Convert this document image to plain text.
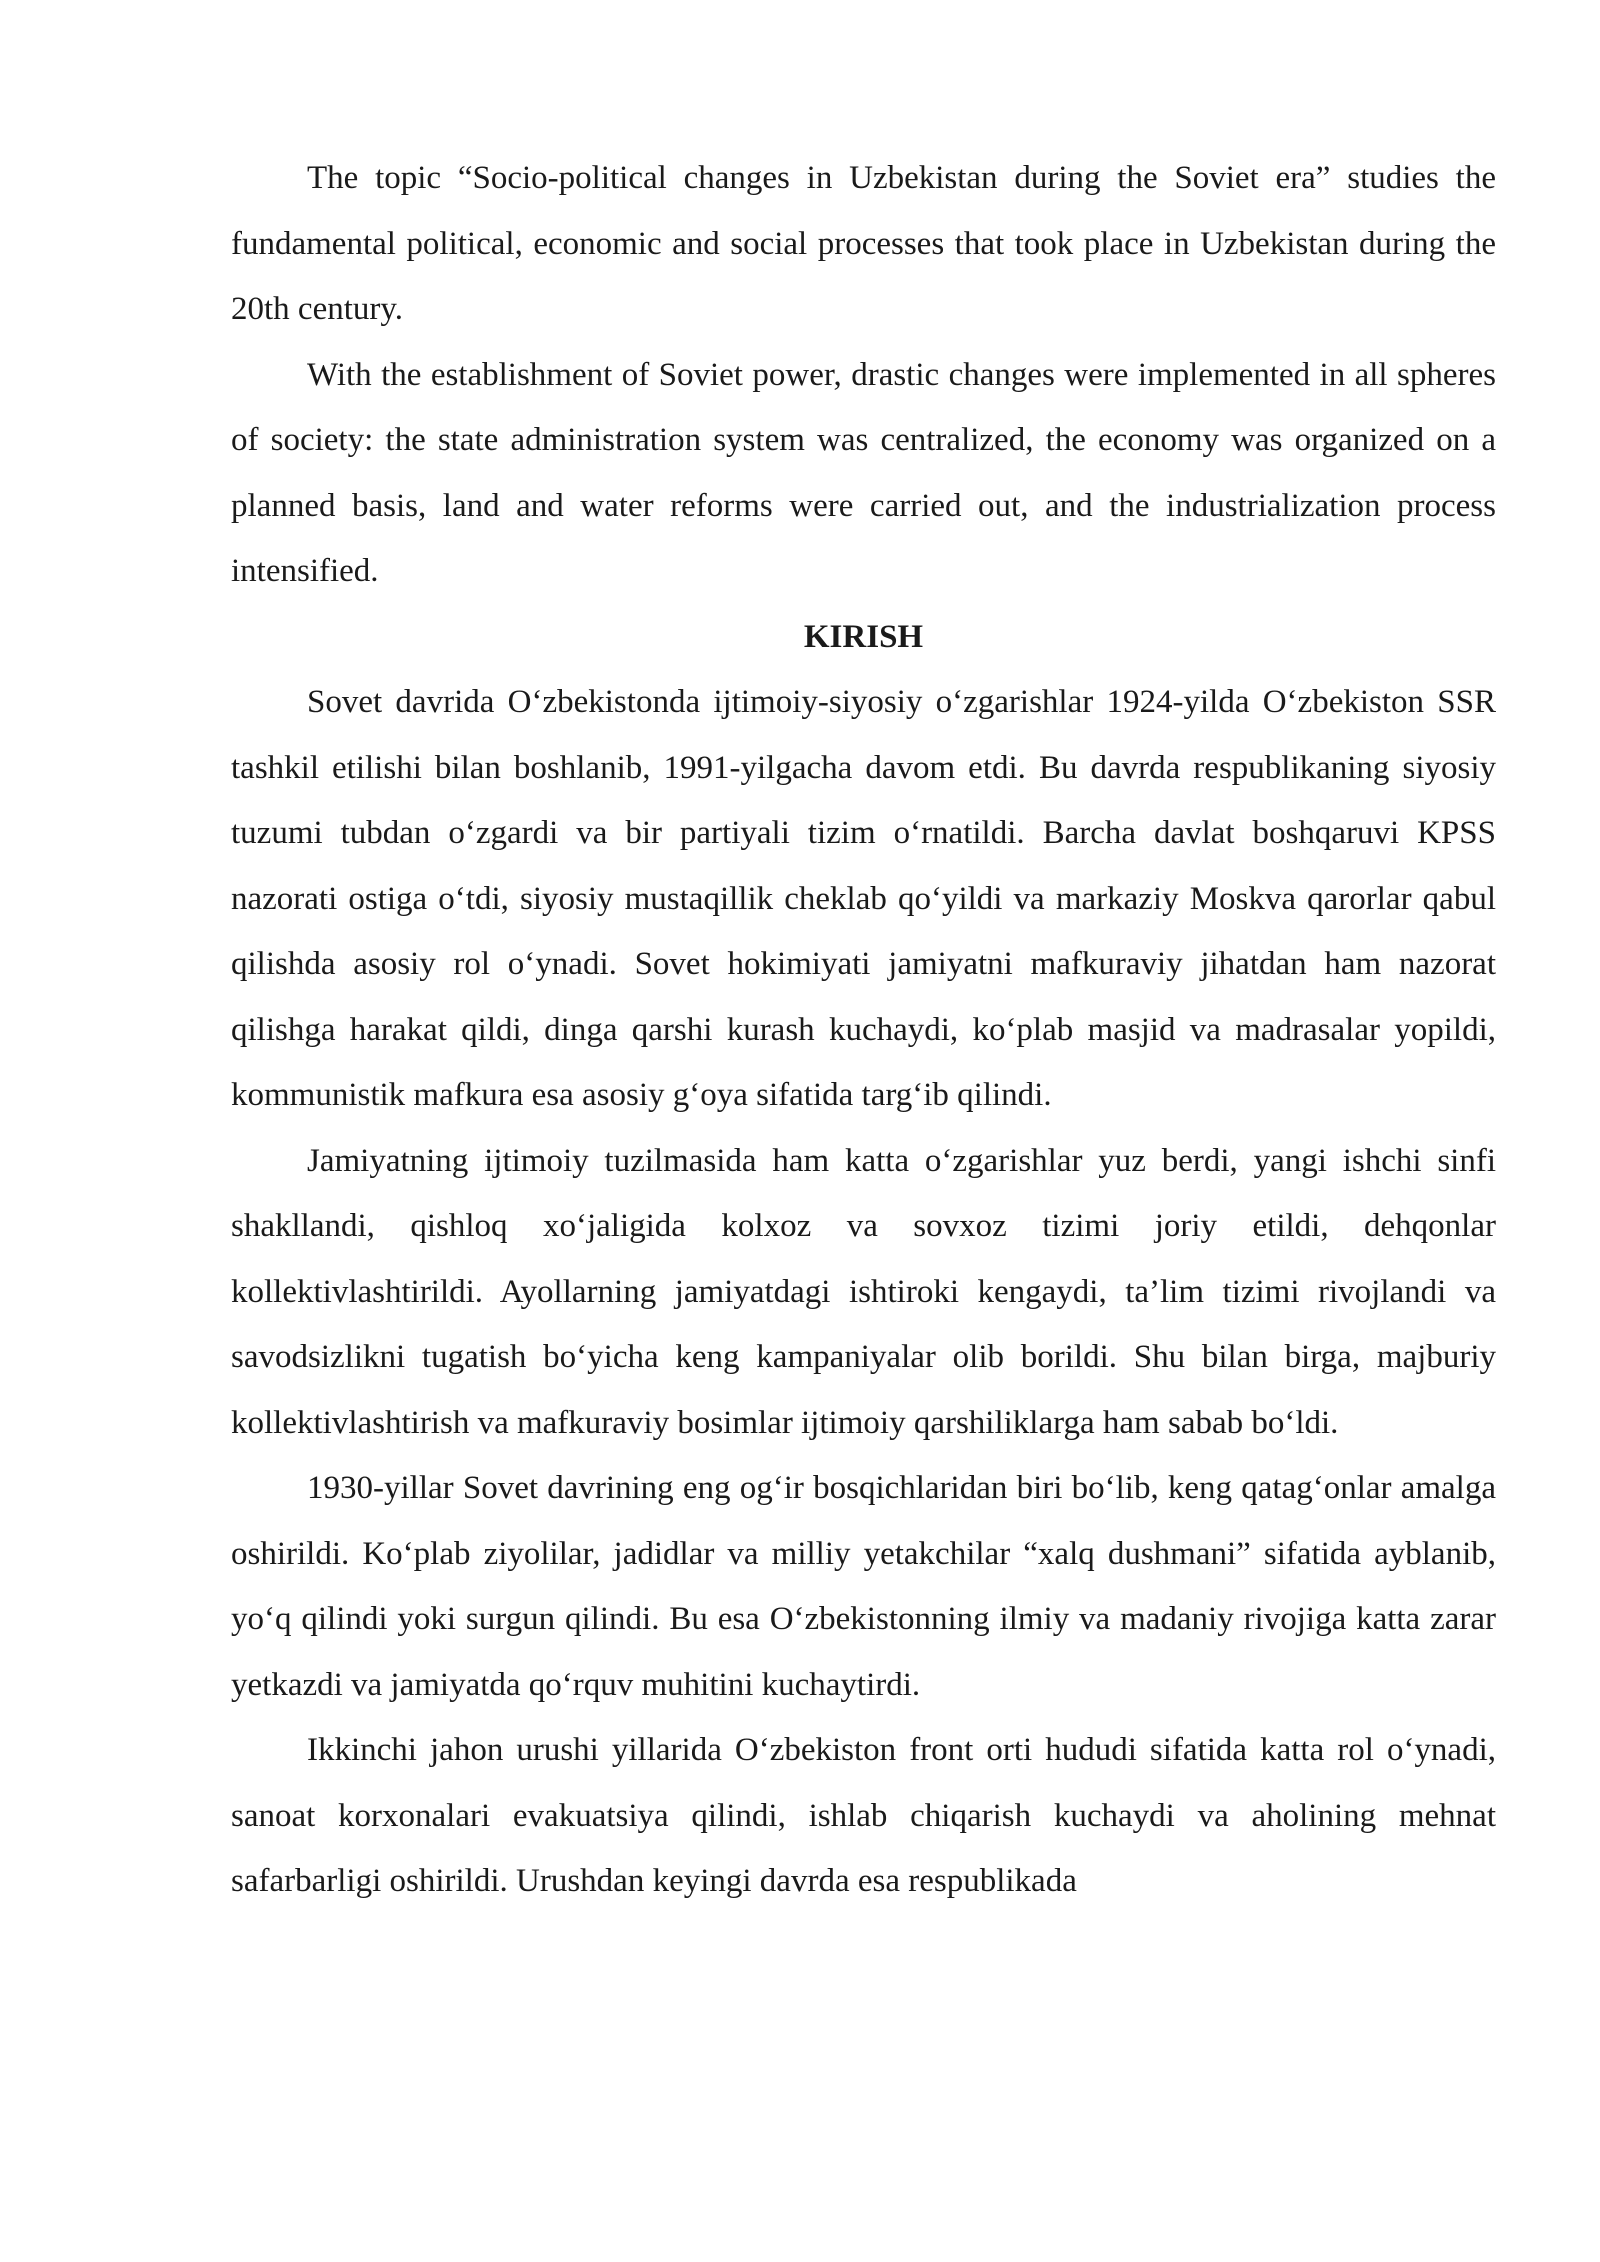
The topic “Socio-political changes in Uzbekistan during the Soviet era” studies the fundamental political, economic and social processes that took place in Uzbekistan during the 20th century.

With the establishment of Soviet power, drastic changes were implemented in all spheres of society: the state administration system was centralized, the economy was organized on a planned basis, land and water reforms were carried out, and the industrialization process intensified.

KIRISH

Sovet davrida O‘zbekistonda ijtimoiy-siyosiy o‘zgarishlar 1924-yilda O‘zbekiston SSR tashkil etilishi bilan boshlanib, 1991-yilgacha davom etdi. Bu davrda respublikaning siyosiy tuzumi tubdan o‘zgardi va bir partiyali tizim o‘rnatildi. Barcha davlat boshqaruvi KPSS nazorati ostiga o‘tdi, siyosiy mustaqillik cheklab qo‘yildi va markaziy Moskva qarorlar qabul qilishda asosiy rol o‘ynadi. Sovet hokimiyati jamiyatni mafkuraviy jihatdan ham nazorat qilishga harakat qildi, dinga qarshi kurash kuchaydi, ko‘plab masjid va madrasalar yopildi, kommunistik mafkura esa asosiy g‘oya sifatida targ‘ib qilindi.

Jamiyatning ijtimoiy tuzilmasida ham katta o‘zgarishlar yuz berdi, yangi ishchi sinfi shakllandi, qishloq xo‘jaligida kolxoz va sovxoz tizimi joriy etildi, dehqonlar kollektivlashtirildi. Ayollarning jamiyatdagi ishtiroki kengaydi, ta’lim tizimi rivojlandi va savodsizlikni tugatish bo‘yicha keng kampaniyalar olib borildi. Shu bilan birga, majburiy kollektivlashtirish va mafkuraviy bosimlar ijtimoiy qarshiliklarga ham sabab bo‘ldi.

1930-yillar Sovet davrining eng og‘ir bosqichlaridan biri bo‘lib, keng qatag‘onlar amalga oshirildi. Ko‘plab ziyolilar, jadidlar va milliy yetakchilar “xalq dushmani” sifatida ayblanib, yo‘q qilindi yoki surgun qilindi. Bu esa O‘zbekistonning ilmiy va madaniy rivojiga katta zarar yetkazdi va jamiyatda qo‘rquv muhitini kuchaytirdi.

Ikkinchi jahon urushi yillarida O‘zbekiston front orti hududi sifatida katta rol o‘ynadi, sanoat korxonalari evakuatsiya qilindi, ishlab chiqarish kuchaydi va aholining mehnat safarbarligi oshirildi. Urushdan keyingi davrda esa respublikada
